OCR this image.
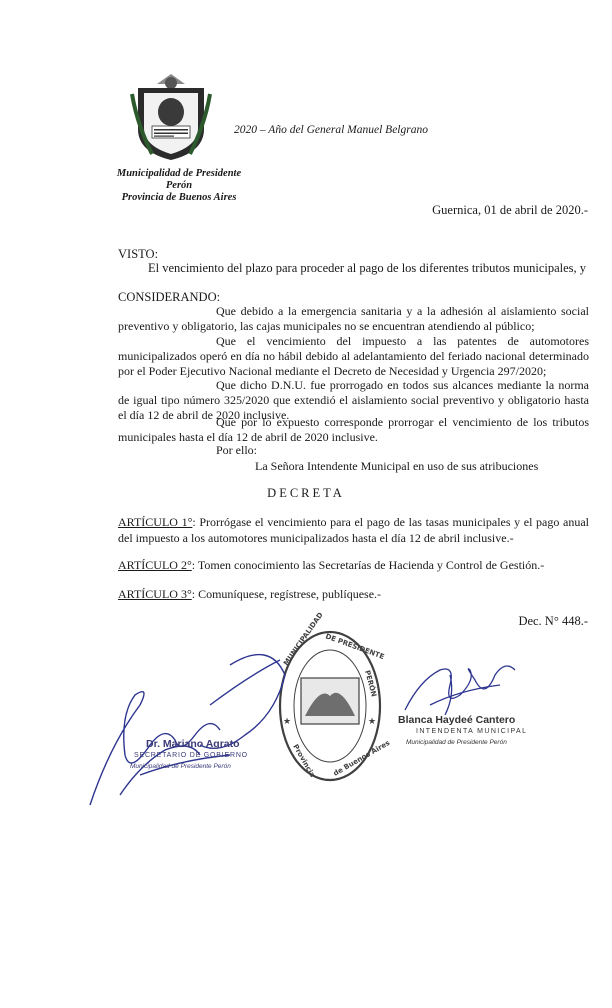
2020 – Año del General Manuel Belgrano
Municipalidad de Presidente Perón
Provincia de Buenos Aires
Guernica, 01 de abril de 2020.-
VISTO:
El vencimiento del plazo para proceder al pago de los diferentes tributos municipales, y
CONSIDERANDO:
Que debido a la emergencia sanitaria y a la adhesión al aislamiento social preventivo y obligatorio, las cajas municipales no se encuentran atendiendo al público;
Que el vencimiento del impuesto a las patentes de automotores municipalizados operó en día no hábil debido al adelantamiento del feriado nacional determinado por el Poder Ejecutivo Nacional mediante el Decreto de Necesidad y Urgencia 297/2020;
Que dicho D.N.U. fue prorrogado en todos sus alcances mediante la norma de igual tipo número 325/2020 que extendió el aislamiento social preventivo y obligatorio hasta el día 12 de abril de 2020 inclusive.
Que por lo expuesto corresponde prorrogar el vencimiento de los tributos municipales hasta el día 12 de abril de 2020 inclusive.
Por ello:
La Señora Intendente Municipal en uso de sus atribuciones
DECRETA
ARTÍCULO 1°: Prorrógase el vencimiento para el pago de las tasas municipales y el pago anual del impuesto a los automotores municipalizados hasta el día 12 de abril inclusive.-
ARTÍCULO 2°: Tomen conocimiento las Secretarías de Hacienda y Control de Gestión.-
ARTÍCULO 3°: Comuníquese, regístrese, publíquese.-
Dec. N° 448.-
MUNICIPALIDAD DE PRESIDENTE
PERÓN
Provincia de Buenos Aires
★	★
Dr. Mariano Agrato
SECRETARIO DE GOBIERNO
Municipalidad de Presidente Perón
Blanca Haydeé Cantero
INTENDENTA MUNICIPAL
Municipalidad de Presidente Perón
